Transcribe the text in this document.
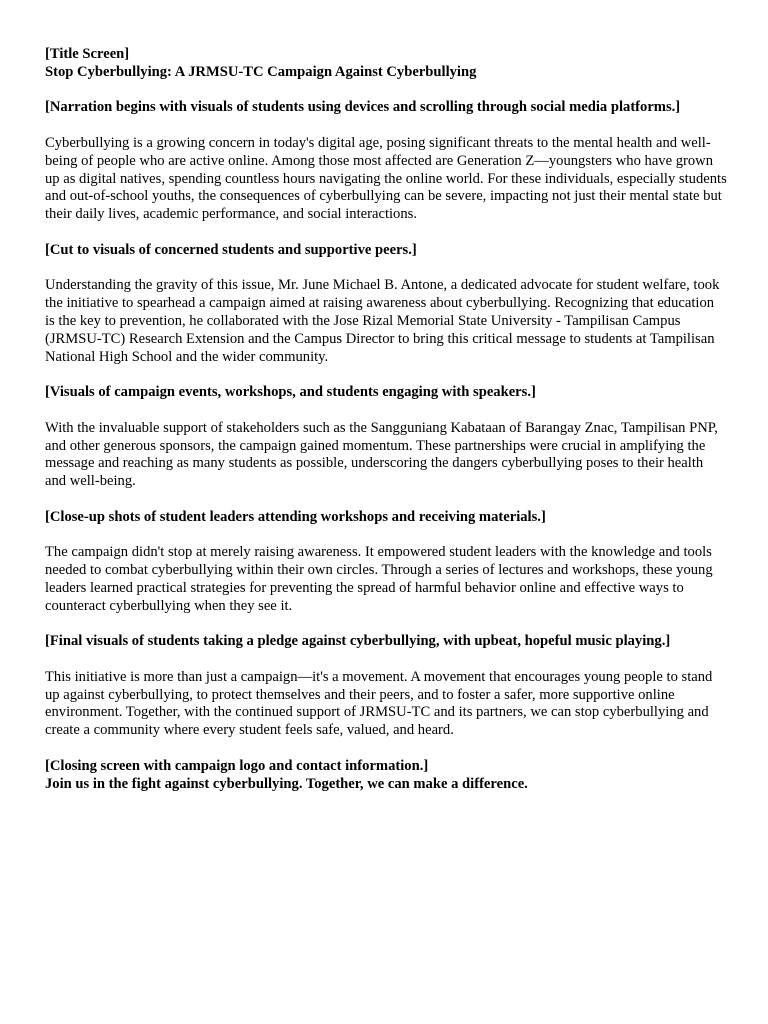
[Title Screen]

Stop Cyberbullying: A JRMSU-TC Campaign Against Cyberbullying

[Narration begins with visuals of students using devices and scrolling through social media platforms.]

Cyberbullying is a growing concern in today's digital age, posing significant threats to the mental health and well-being of people who are active online. Among those most affected are Generation Z—youngsters who have grown up as digital natives, spending countless hours navigating the online world. For these individuals, especially students and out-of-school youths, the consequences of cyberbullying can be severe, impacting not just their mental state but their daily lives, academic performance, and social interactions.

[Cut to visuals of concerned students and supportive peers.]

Understanding the gravity of this issue, Mr. June Michael B. Antone, a dedicated advocate for student welfare, took the initiative to spearhead a campaign aimed at raising awareness about cyberbullying. Recognizing that education is the key to prevention, he collaborated with the Jose Rizal Memorial State University - Tampilisan Campus (JRMSU-TC) Research Extension and the Campus Director to bring this critical message to students at Tampilisan National High School and the wider community.

[Visuals of campaign events, workshops, and students engaging with speakers.]

With the invaluable support of stakeholders such as the Sangguniang Kabataan of Barangay Znac, Tampilisan PNP, and other generous sponsors, the campaign gained momentum. These partnerships were crucial in amplifying the message and reaching as many students as possible, underscoring the dangers cyberbullying poses to their health and well-being.

[Close-up shots of student leaders attending workshops and receiving materials.]

The campaign didn't stop at merely raising awareness. It empowered student leaders with the knowledge and tools needed to combat cyberbullying within their own circles. Through a series of lectures and workshops, these young leaders learned practical strategies for preventing the spread of harmful behavior online and effective ways to counteract cyberbullying when they see it.

[Final visuals of students taking a pledge against cyberbullying, with upbeat, hopeful music playing.]

This initiative is more than just a campaign—it's a movement. A movement that encourages young people to stand up against cyberbullying, to protect themselves and their peers, and to foster a safer, more supportive online environment. Together, with the continued support of JRMSU-TC and its partners, we can stop cyberbullying and create a community where every student feels safe, valued, and heard.

[Closing screen with campaign logo and contact information.]

Join us in the fight against cyberbullying. Together, we can make a difference.
